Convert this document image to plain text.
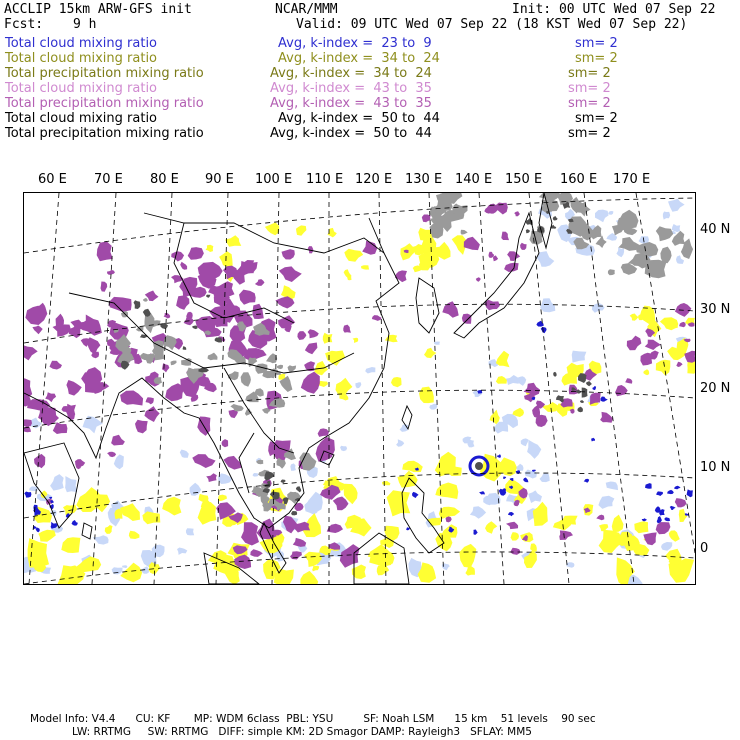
ACCLIP 15km ARW-GFS init	NCAR/MMM	Init: 00 UTC Wed 07 Sep 22
Fcst: 9 h	Valid: 09 UTC Wed 07 Sep 22 (18 KST Wed 07 Sep 22)
Total cloud mixing ratio	Avg, k-index =  23 to  9	sm= 2
Total cloud mixing ratio	Avg, k-index =  34 to  24	sm= 2
Total precipitation mixing ratio	Avg, k-index =  34 to  24	sm= 2
Total cloud mixing ratio	Avg, k-index =  43 to  35	sm= 2
Total precipitation mixing ratio	Avg, k-index =  43 to  35	sm= 2
Total cloud mixing ratio	Avg, k-index =  50 to  44	sm= 2
Total precipitation mixing ratio	Avg, k-index =  50 to  44	sm= 2
60 E 70 E 80 E 90 E 100 E 110 E 120 E 130 E 140 E 150 E 160 E 170 E
40 N
30 N
20 N
10 N
0
Model Info: V4.4      CU: KF       MP: WDM 6class  PBL: YSU         SF: Noah LSM      15 km    51 levels    90 sec
LW: RRTMG     SW: RRTMG   DIFF: simple KM: 2D Smagor DAMP: Rayleigh3   SFLAY: MM5
